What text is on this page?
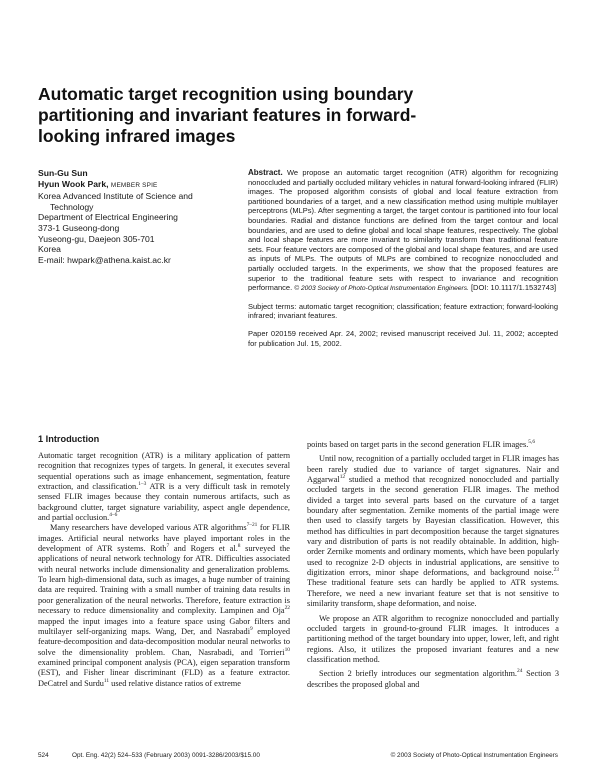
Automatic target recognition using boundary partitioning and invariant features in forward-looking infrared images
Sun-Gu Sun
Hyun Wook Park, MEMBER SPIE
Korea Advanced Institute of Science and
Technology
Department of Electrical Engineering
373-1 Guseong-dong
Yuseong-gu, Daejeon 305-701
Korea
E-mail: hwpark@athena.kaist.ac.kr

Abstract. We propose an automatic target recognition (ATR) algorithm for recognizing nonoccluded and partially occluded military vehicles in natural forward-looking infrared (FLIR) images. The proposed algorithm consists of global and local feature extraction from partitioned boundaries of a target, and a new classification method using multiple multilayer perceptrons (MLPs). After segmenting a target, the target contour is partitioned into four local boundaries. Radial and distance functions are defined from the target contour and local boundaries, and are used to define global and local shape features, respectively. The global and local shape features are more invariant to similarity transform than traditional feature sets. Four feature vectors are composed of the global and local shape features, and are used as inputs of MLPs. The outputs of MLPs are combined to recognize nonoccluded and partially occluded targets. In the experiments, we show that the proposed features are superior to the traditional feature sets with respect to invariance and recognition performance. © 2003 Society of Photo-Optical Instrumentation Engineers. [DOI: 10.1117/1.1532743]

Subject terms: automatic target recognition; classification; feature extraction; forward-looking infrared; invariant features.

Paper 020159 received Apr. 24, 2002; revised manuscript received Jul. 11, 2002; accepted for publication Jul. 15, 2002.

1 Introduction

Automatic target recognition (ATR) is a military application of pattern recognition that recognizes types of targets. In general, it executes several sequential operations such as image enhancement, segmentation, feature extraction, and classification.$^{1-3}$ ATR is a very difficult task in remotely sensed FLIR images because they contain numerous artifacts, such as background clutter, target signature variability, aspect angle dependence, and partial occlusion.$^{4-6}$

Many researchers have developed various ATR algorithms$^{7-21}$ for FLIR images. Artificial neural networks have played important roles in the development of ATR systems. Roth$^7$ and Rogers et al.$^8$ surveyed the applications of neural network technology for ATR. Difficulties associated with neural networks include dimensionality and generalization problems. To learn high-dimensional data, such as images, a huge number of training data are required. Training with a small number of training data results in poor generalization of the neural networks. Therefore, feature extraction is necessary to reduce dimensionality and complexity. Lampinen and Oja$^{22}$ mapped the input images into a feature space using Gabor filters and multilayer self-organizing maps. Wang, Der, and Nasrabadi$^9$ employed feature-decomposition and data-decomposition modular neural networks to solve the dimensionality problem. Chan, Nasrabadi, and Torrieri$^{10}$ examined principal component analysis (PCA), eigen separation transform (EST), and Fisher linear discriminant (FLD) as a feature extractor. DeCatrel and Surdu$^{11}$ used relative distance ratios of extreme

points based on target parts in the second generation FLIR images.$^{5,6}$

Until now, recognition of a partially occluded target in FLIR images has been rarely studied due to variance of target signatures. Nair and Aggarwal$^{12}$ studied a method that recognized nonoccluded and partially occluded targets in the second generation FLIR images. The method divided a target into several parts based on the curvature of a target boundary after segmentation. Zernike moments of the partial image were then used to classify targets by Bayesian classification. However, this method has difficulties in part decomposition because the target signatures vary and distribution of parts is not readily obtainable. In addition, high-order Zernike moments and ordinary moments, which have been popularly used to recognize 2-D objects in industrial applications, are sensitive to digitization errors, minor shape deformations, and background noise.$^{23}$ These traditional feature sets can hardly be applied to ATR systems. Therefore, we need a new invariant feature set that is not sensitive to similarity transform, shape deformation, and noise.

We propose an ATR algorithm to recognize nonoccluded and partially occluded targets in ground-to-ground FLIR images. It introduces a partitioning method of the target boundary into upper, lower, left, and right regions. Also, it utilizes the proposed invariant features and a new classification method.

Section 2 briefly introduces our segmentation algorithm.$^{24}$ Section 3 describes the proposed global and

524	Opt. Eng. 42(2) 524–533 (February 2003) 0091-3286/2003/$15.00	© 2003 Society of Photo-Optical Instrumentation Engineers
